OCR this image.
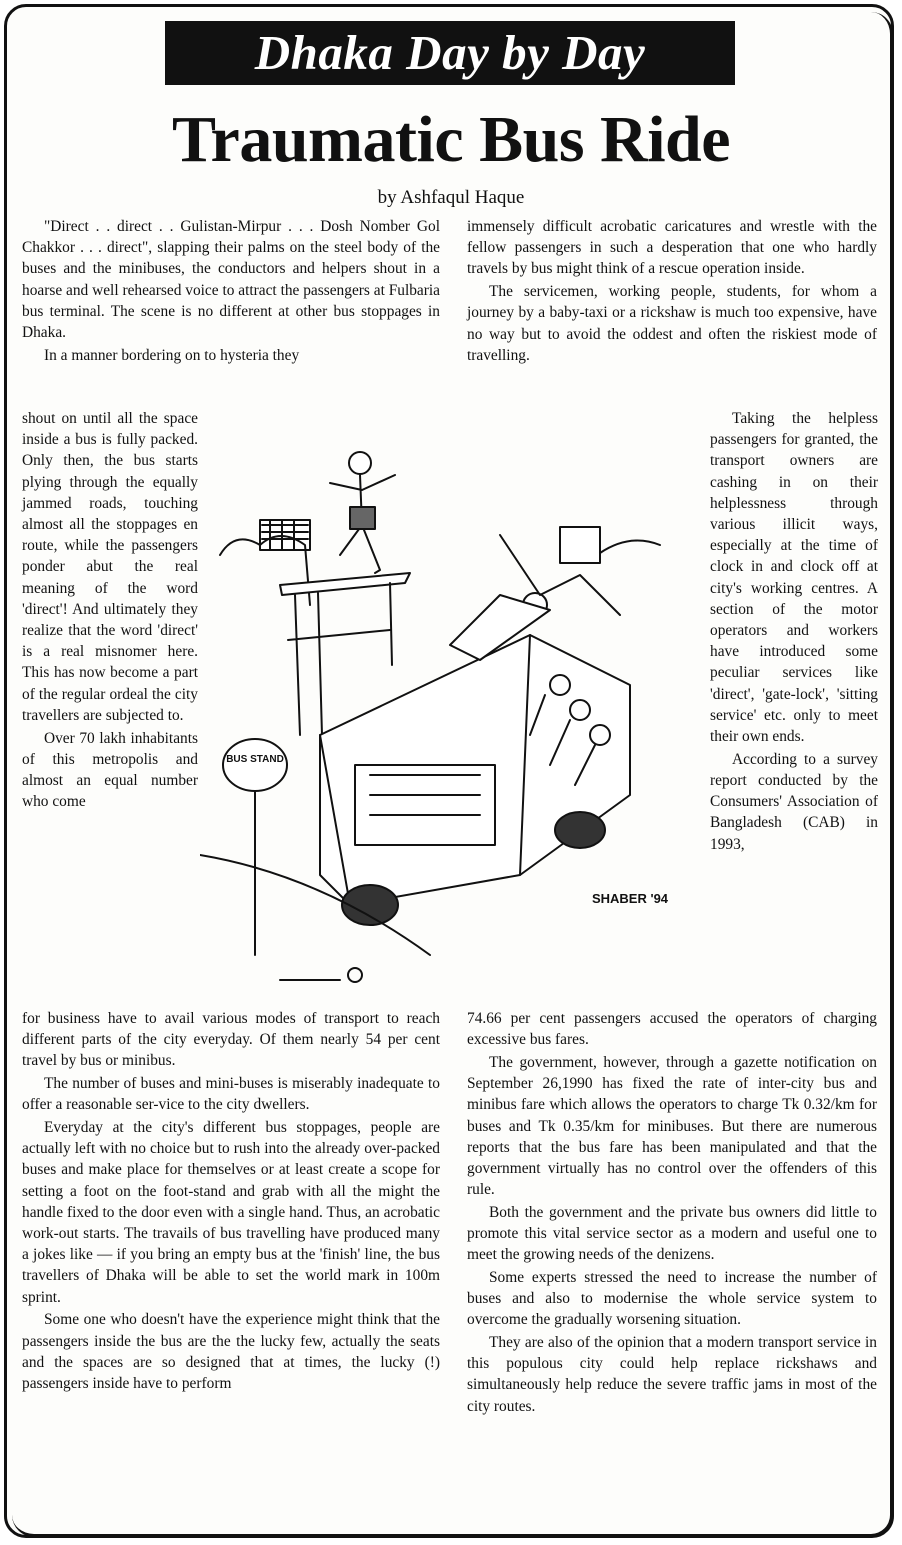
Dhaka Day by Day
Traumatic Bus Ride
by Ashfaqul Haque

"Direct . . direct . . Gulistan-Mirpur . . . Dosh Nomber Gol Chakkor . . . direct", slapping their palms on the steel body of the buses and the minibuses, the conductors and helpers shout in a hoarse and well rehearsed voice to attract the passengers at Fulbaria bus terminal. The scene is no different at other bus stoppages in Dhaka.

In a manner bordering on to hysteria they

shout on until all the space inside a bus is fully packed. Only then, the bus starts plying through the equally jammed roads, touching almost all the stoppages en route, while the passengers ponder abut the real meaning of the word 'direct'! And ultimately they realize that the word 'direct' is a real misnomer here. This has now become a part of the regular ordeal the city travellers are subjected to.

Over 70 lakh inhabitants of this metropolis and almost an equal number who come

for business have to avail various modes of transport to reach different parts of the city everyday. Of them nearly 54 per cent travel by bus or minibus.

The number of buses and mini-buses is miserably inadequate to offer a reasonable ser-vice to the city dwellers.

Everyday at the city's different bus stoppages, people are actually left with no choice but to rush into the already over-packed buses and make place for themselves or at least create a scope for setting a foot on the foot-stand and grab with all the might the handle fixed to the door even with a single hand. Thus, an acrobatic work-out starts. The travails of bus travelling have produced many a jokes like — if you bring an empty bus at the 'finish' line, the bus travellers of Dhaka will be able to set the world mark in 100m sprint.

Some one who doesn't have the experience might think that the passengers inside the bus are the the lucky few, actually the seats and the spaces are so designed that at times, the lucky (!) passengers inside have to perform

immensely difficult acrobatic caricatures and wrestle with the fellow passengers in such a desperation that one who hardly travels by bus might think of a rescue operation inside.

The servicemen, working people, students, for whom a journey by a baby-taxi or a rickshaw is much too expensive, have no way but to avoid the oddest and often the riskiest mode of travelling.

Taking the helpless passengers for granted, the transport owners are cashing in on their helplessness through various illicit ways, especially at the time of clock in and clock off at city's working centres. A section of the motor operators and workers have introduced some peculiar services like 'direct', 'gate-lock', 'sitting service' etc. only to meet their own ends.

According to a survey report conducted by the Consumers' Association of Bangladesh (CAB) in 1993,

74.66 per cent passengers accused the operators of charging excessive bus fares.

The government, however, through a gazette notification on September 26,1990 has fixed the rate of inter-city bus and minibus fare which allows the operators to charge Tk 0.32/km for buses and Tk 0.35/km for minibuses. But there are numerous reports that the bus fare has been manipulated and that the government virtually has no control over the offenders of this rule.

Both the government and the private bus owners did little to promote this vital service sector as a modern and useful one to meet the growing needs of the denizens.

Some experts stressed the need to increase the number of buses and also to modernise the whole service system to overcome the gradually worsening situation.

They are also of the opinion that a modern transport service in this populous city could help replace rickshaws and simultaneously help reduce the severe traffic jams in most of the city routes.

BUS STAND
SHABER '94
